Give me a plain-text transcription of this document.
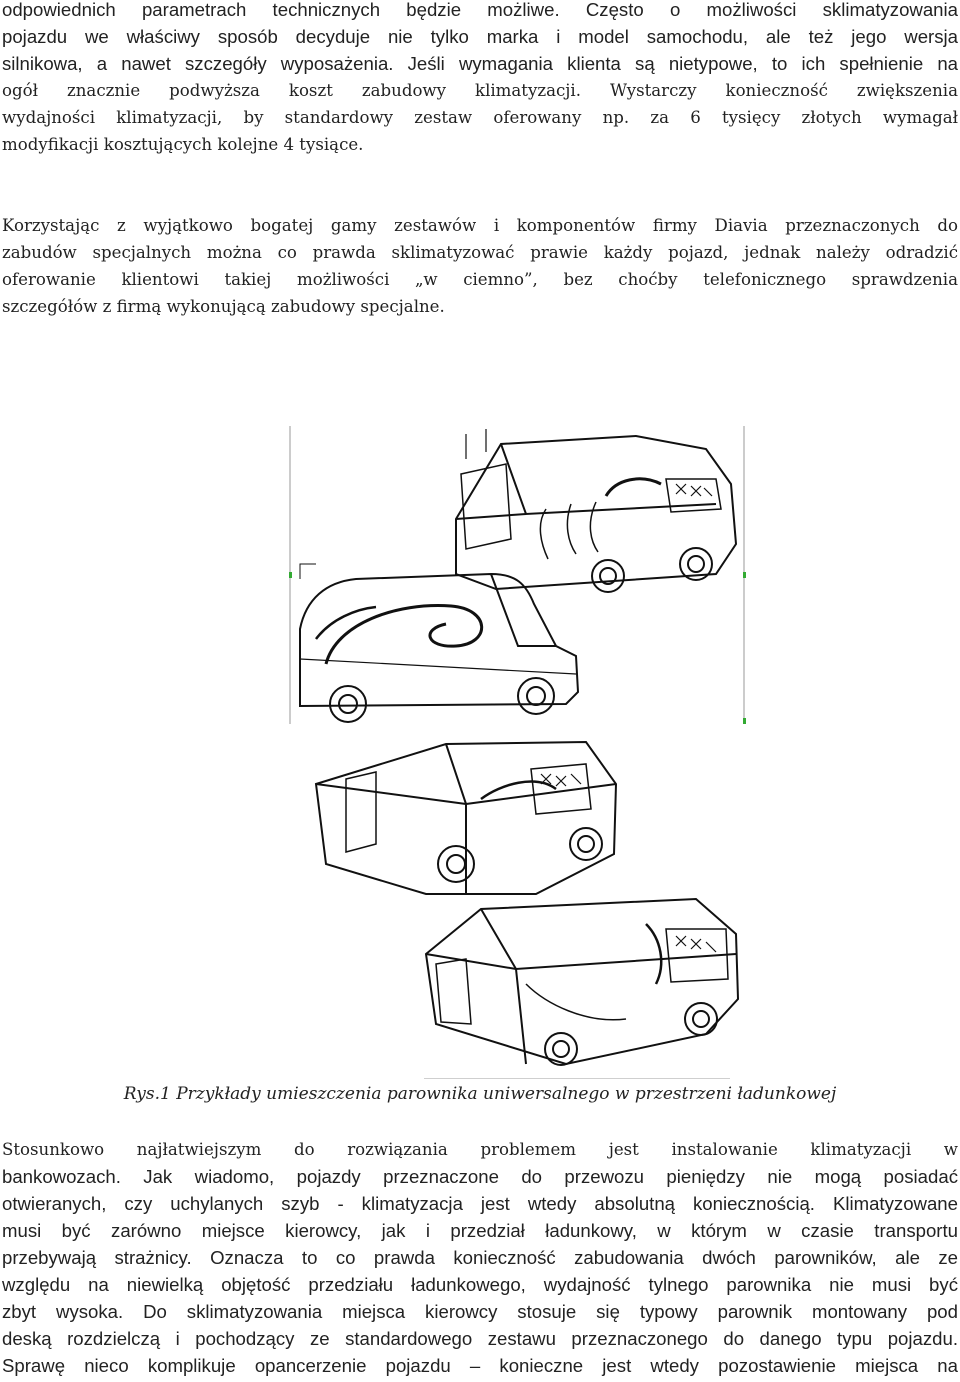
odpowiednich parametrach technicznych będzie możliwe. Często o możliwości sklimatyzowania
pojazdu we właściwy sposób decyduje nie tylko marka i model samochodu, ale też jego wersja
silnikowa, a nawet szczegóły wyposażenia. Jeśli wymagania klienta są nietypowe, to ich spełnienie na
ogół znacznie podwyższa koszt zabudowy klimatyzacji. Wystarczy konieczność zwiększenia
wydajności klimatyzacji, by standardowy zestaw oferowany np. za 6 tysięcy złotych wymagał
modyfikacji kosztujących kolejne 4 tysiące.
Korzystając z wyjątkowo bogatej gamy zestawów i komponentów firmy Diavia przeznaczonych do
zabudów specjalnych można co prawda sklimatyzować prawie każdy pojazd, jednak należy odradzić
oferowanie klientowi takiej możliwości „w ciemno”, bez choćby telefonicznego sprawdzenia
szczegółów z firmą wykonującą zabudowy specjalne.
Rys.1 Przykłady umieszczenia parownika uniwersalnego w przestrzeni ładunkowej
Stosunkowo najłatwiejszym do rozwiązania problemem jest instalowanie klimatyzacji w
bankowozach. Jak wiadomo, pojazdy przeznaczone do przewozu pieniędzy nie mogą posiadać
otwieranych, czy uchylanych szyb - klimatyzacja jest wtedy absolutną koniecznością. Klimatyzowane
musi być zarówno miejsce kierowcy, jak i przedział ładunkowy, w którym w czasie transportu
przebywają strażnicy. Oznacza to co prawda konieczność zabudowania dwóch parowników, ale ze
względu na niewielką objętość przedziału ładunkowego, wydajność tylnego parownika nie musi być
zbyt wysoka. Do sklimatyzowania miejsca kierowcy stosuje się typowy parownik montowany pod
deską rozdzielczą i pochodzący ze standardowego zestawu przeznaczonego do danego typu pojazdu.
Sprawę nieco komplikuje opancerzenie pojazdu – konieczne jest wtedy pozostawienie miejsca na
